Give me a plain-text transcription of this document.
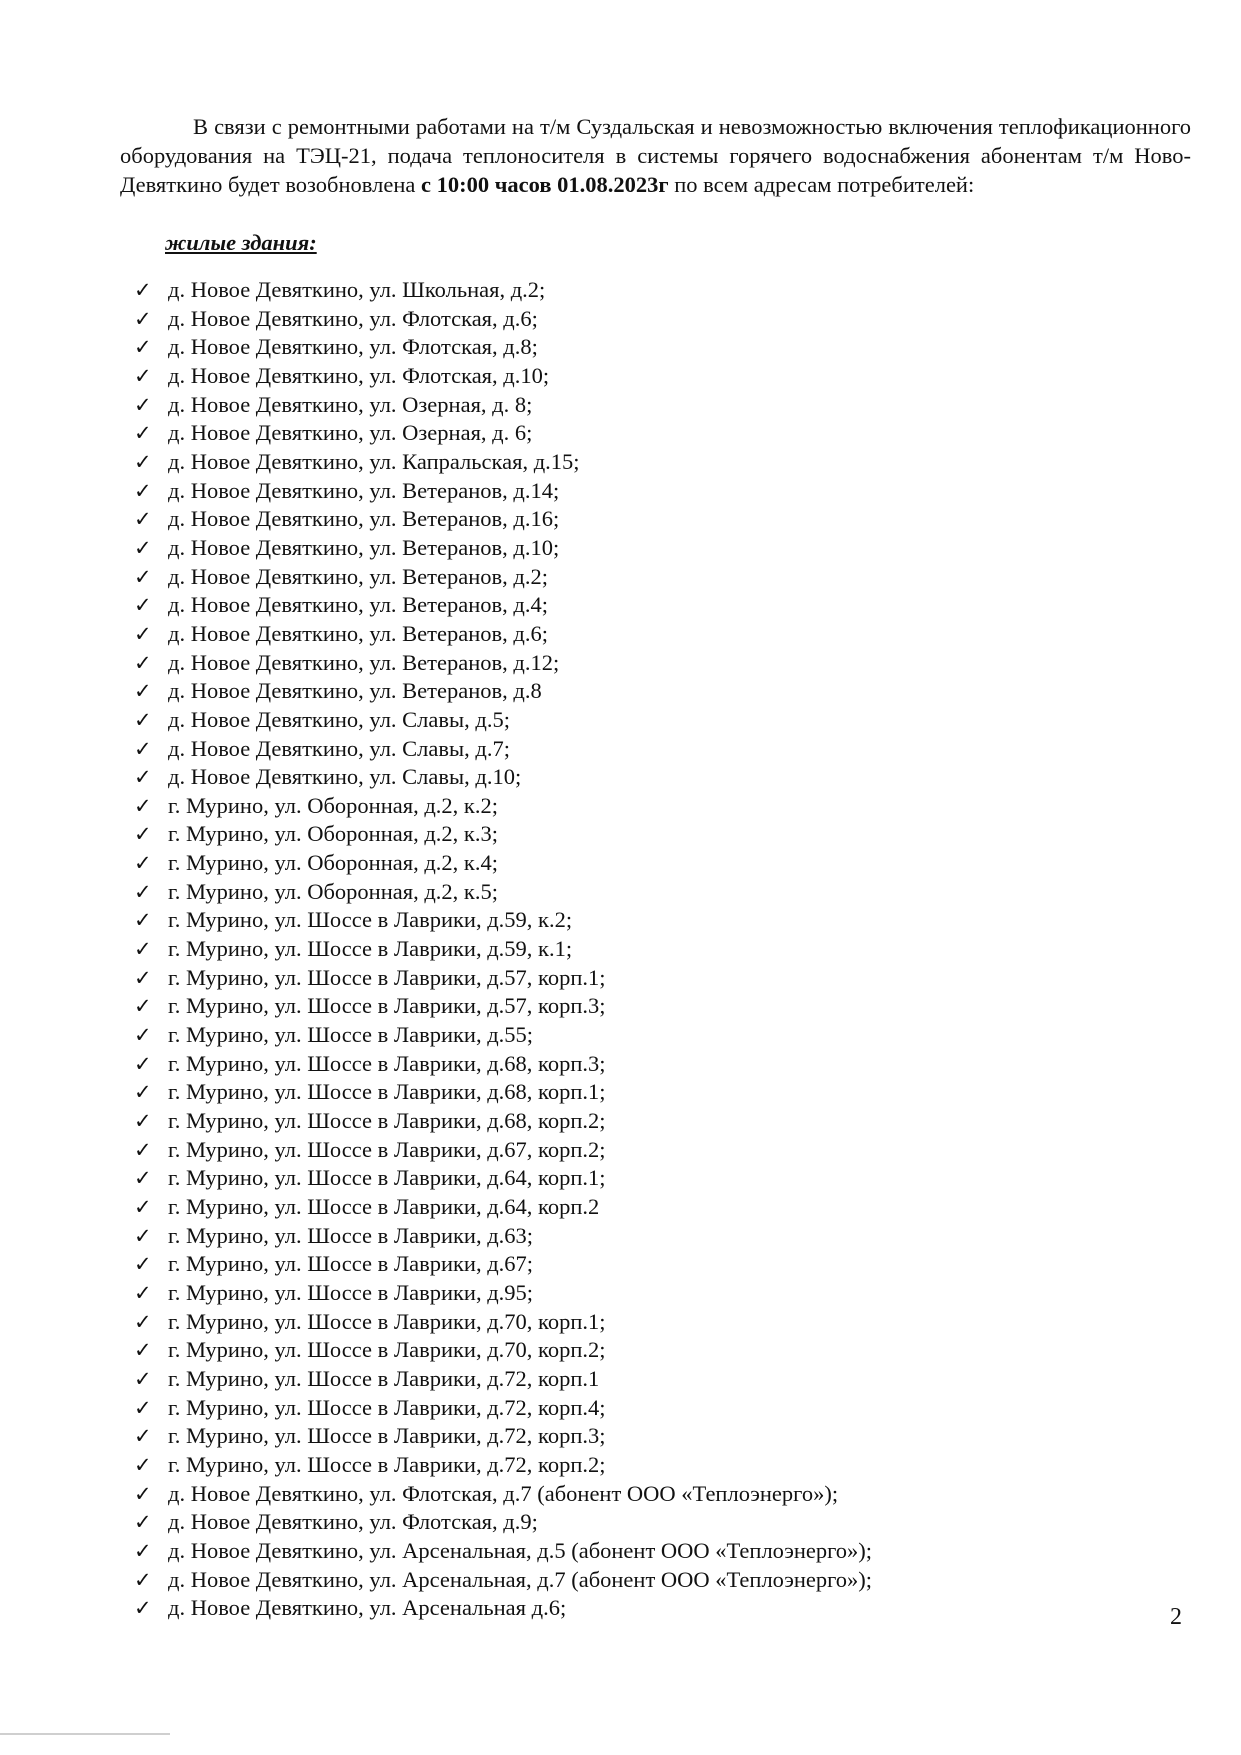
В связи с ремонтными работами на т/м Суздальская и невозможностью включения теплофикационного оборудования на ТЭЦ-21, подача теплоносителя в системы горячего водоснабжения абонентам т/м Ново-Девяткино будет возобновлена с 10:00 часов 01.08.2023г по всем адресам потребителей:

жилые здания:

✓ д. Новое Девяткино, ул. Школьная, д.2;
✓ д. Новое Девяткино, ул. Флотская, д.6;
✓ д. Новое Девяткино, ул. Флотская, д.8;
✓ д. Новое Девяткино, ул. Флотская, д.10;
✓ д. Новое Девяткино, ул. Озерная, д. 8;
✓ д. Новое Девяткино, ул. Озерная, д. 6;
✓ д. Новое Девяткино, ул. Капральская, д.15;
✓ д. Новое Девяткино, ул. Ветеранов, д.14;
✓ д. Новое Девяткино, ул. Ветеранов, д.16;
✓ д. Новое Девяткино, ул. Ветеранов, д.10;
✓ д. Новое Девяткино, ул. Ветеранов, д.2;
✓ д. Новое Девяткино, ул. Ветеранов, д.4;
✓ д. Новое Девяткино, ул. Ветеранов, д.6;
✓ д. Новое Девяткино, ул. Ветеранов, д.12;
✓ д. Новое Девяткино, ул. Ветеранов, д.8
✓ д. Новое Девяткино, ул. Славы, д.5;
✓ д. Новое Девяткино, ул. Славы, д.7;
✓ д. Новое Девяткино, ул. Славы, д.10;
✓ г. Мурино, ул. Оборонная, д.2, к.2;
✓ г. Мурино, ул. Оборонная, д.2, к.3;
✓ г. Мурино, ул. Оборонная, д.2, к.4;
✓ г. Мурино, ул. Оборонная, д.2, к.5;
✓ г. Мурино, ул. Шоссе в Лаврики, д.59, к.2;
✓ г. Мурино, ул. Шоссе в Лаврики, д.59, к.1;
✓ г. Мурино, ул. Шоссе в Лаврики, д.57, корп.1;
✓ г. Мурино, ул. Шоссе в Лаврики, д.57, корп.3;
✓ г. Мурино, ул. Шоссе в Лаврики, д.55;
✓ г. Мурино, ул. Шоссе в Лаврики, д.68, корп.3;
✓ г. Мурино, ул. Шоссе в Лаврики, д.68, корп.1;
✓ г. Мурино, ул. Шоссе в Лаврики, д.68, корп.2;
✓ г. Мурино, ул. Шоссе в Лаврики, д.67, корп.2;
✓ г. Мурино, ул. Шоссе в Лаврики, д.64, корп.1;
✓ г. Мурино, ул. Шоссе в Лаврики, д.64, корп.2
✓ г. Мурино, ул. Шоссе в Лаврики, д.63;
✓ г. Мурино, ул. Шоссе в Лаврики, д.67;
✓ г. Мурино, ул. Шоссе в Лаврики, д.95;
✓ г. Мурино, ул. Шоссе в Лаврики, д.70, корп.1;
✓ г. Мурино, ул. Шоссе в Лаврики, д.70, корп.2;
✓ г. Мурино, ул. Шоссе в Лаврики, д.72, корп.1
✓ г. Мурино, ул. Шоссе в Лаврики, д.72, корп.4;
✓ г. Мурино, ул. Шоссе в Лаврики, д.72, корп.3;
✓ г. Мурино, ул. Шоссе в Лаврики, д.72, корп.2;
✓ д. Новое Девяткино, ул. Флотская, д.7 (абонент ООО «Теплоэнерго»);
✓ д. Новое Девяткино, ул. Флотская, д.9;
✓ д. Новое Девяткино, ул. Арсенальная, д.5 (абонент ООО «Теплоэнерго»);
✓ д. Новое Девяткино, ул. Арсенальная, д.7 (абонент ООО «Теплоэнерго»);
✓ д. Новое Девяткино, ул. Арсенальная д.6;	2
